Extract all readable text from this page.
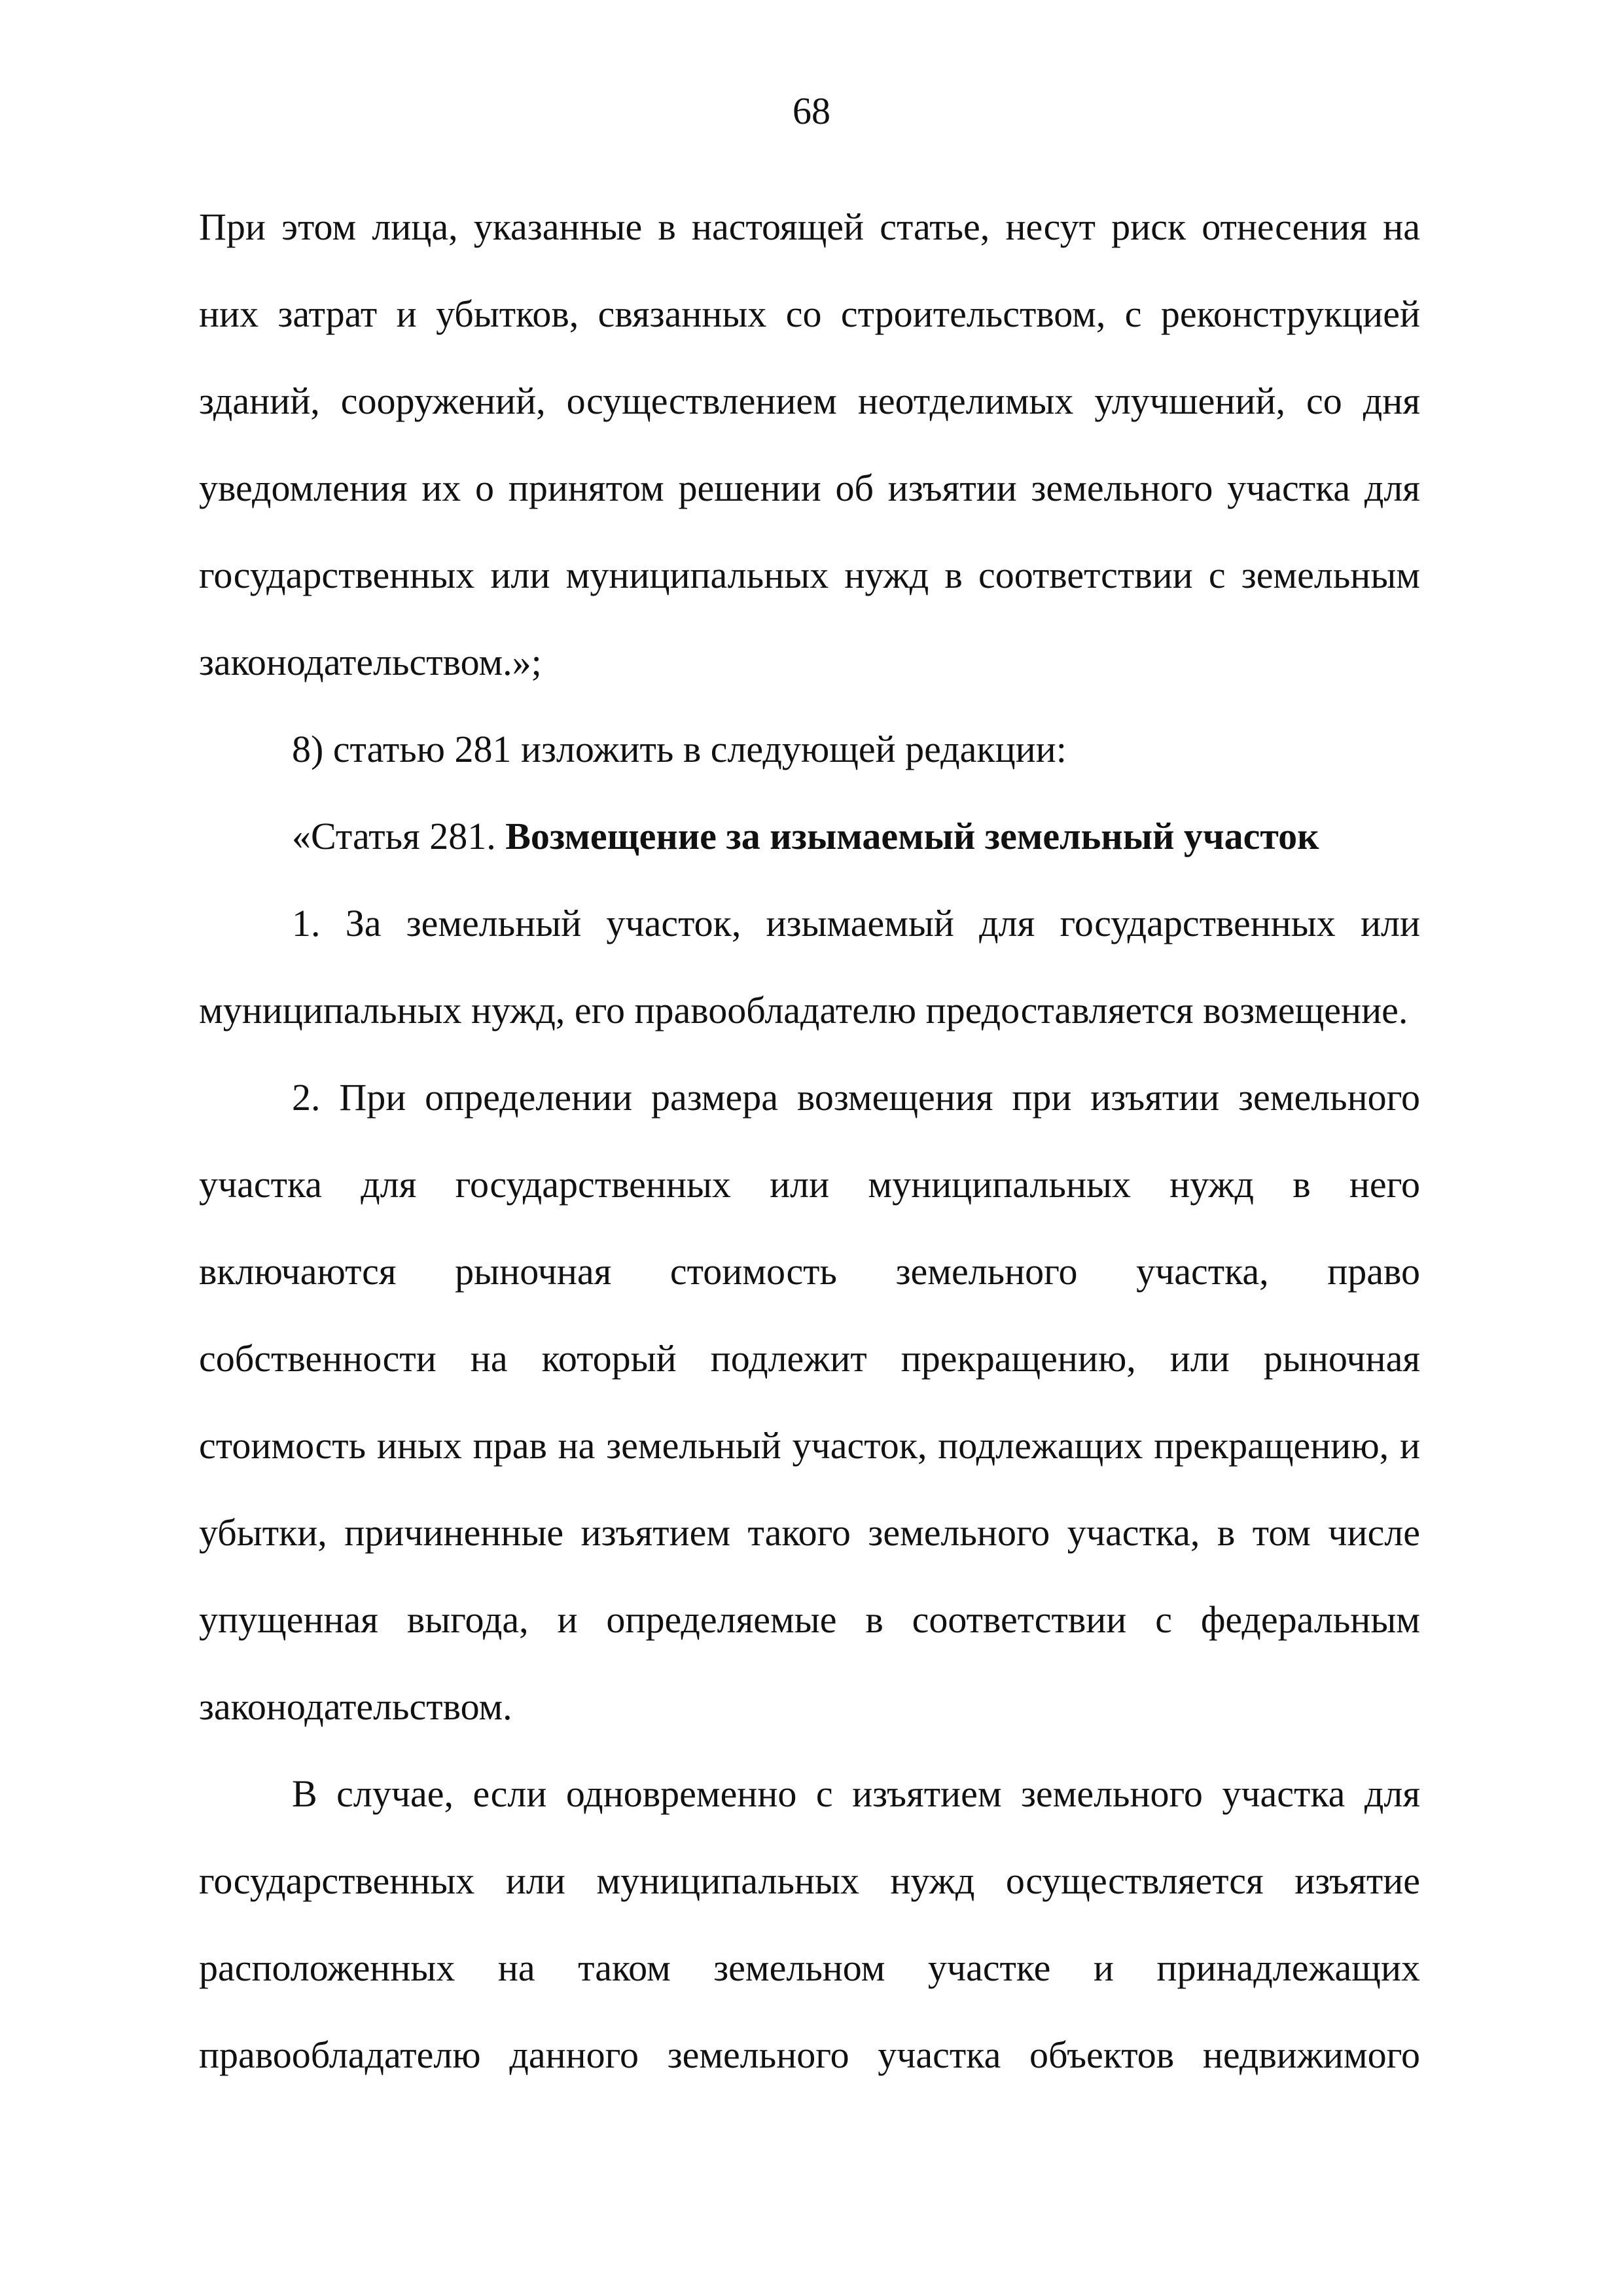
68

При этом лица, указанные в настоящей статье, несут риск отнесения на них затрат и убытков, связанных со строительством, с реконструкцией зданий, сооружений, осуществлением неотделимых улучшений, со дня уведомления их о принятом решении об изъятии земельного участка для государственных или муниципальных нужд в соответствии с земельным законодательством.»;

8) статью 281 изложить в следующей редакции:

«Статья 281. Возмещение за изымаемый земельный участок

1. За земельный участок, изымаемый для государственных или муниципальных нужд, его правообладателю предоставляется возмещение.

2. При определении размера возмещения при изъятии земельного участка для государственных или муниципальных нужд в него включаются рыночная стоимость земельного участка, право собственности на который подлежит прекращению, или рыночная стоимость иных прав на земельный участок, подлежащих прекращению, и убытки, причиненные изъятием такого земельного участка, в том числе упущенная выгода, и определяемые в соответствии с федеральным законодательством.

В случае, если одновременно с изъятием земельного участка для государственных или муниципальных нужд осуществляется изъятие расположенных на таком земельном участке и принадлежащих правообладателю данного земельного участка объектов недвижимого
